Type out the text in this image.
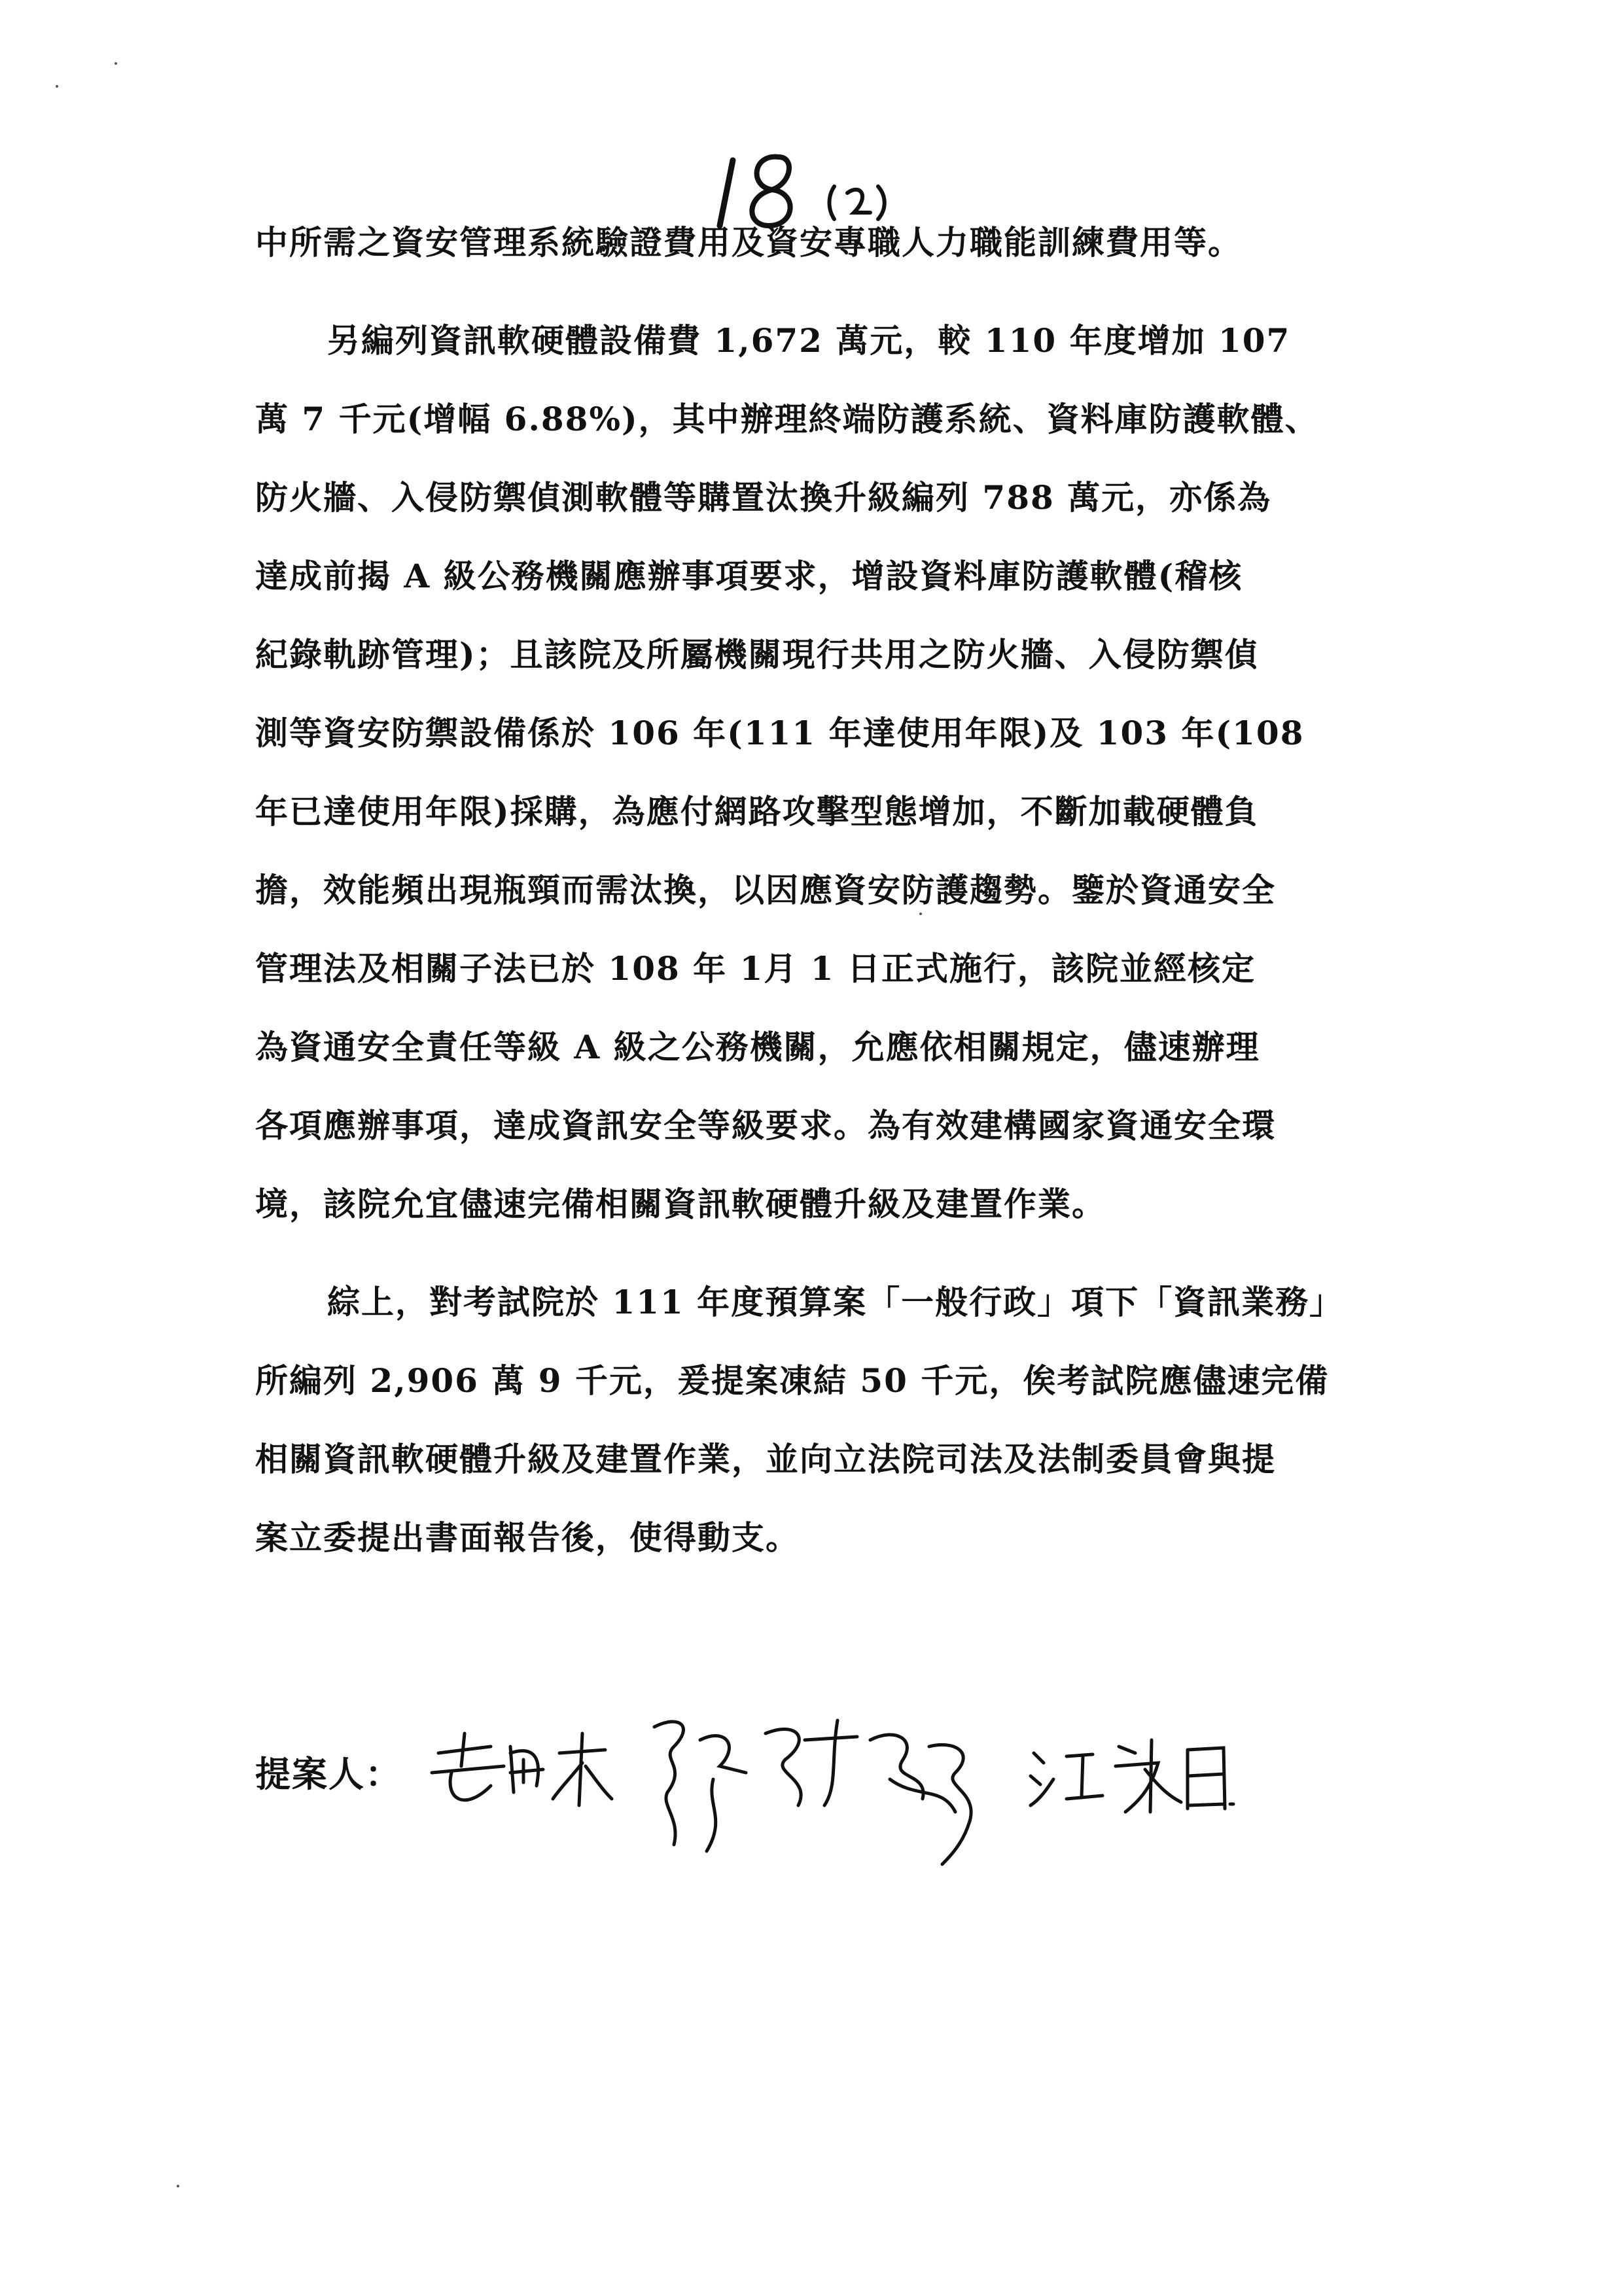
中所需之資安管理系統驗證費用及資安專職人力職能訓練費用等。
另編列資訊軟硬體設備費 1,672 萬元，較 110 年度增加 107
萬 7 千元(增幅 6.88%)，其中辦理終端防護系統、資料庫防護軟體、
防火牆、入侵防禦偵測軟體等購置汰換升級編列 788 萬元，亦係為
達成前揭 A 級公務機關應辦事項要求，增設資料庫防護軟體(稽核
紀錄軌跡管理)；且該院及所屬機關現行共用之防火牆、入侵防禦偵
測等資安防禦設備係於 106 年(111 年達使用年限)及 103 年(108
年已達使用年限)採購，為應付網路攻擊型態增加，不斷加載硬體負
擔，效能頻出現瓶頸而需汰換，以因應資安防護趨勢。鑒於資通安全
管理法及相關子法已於 108 年 1月 1 日正式施行，該院並經核定
為資通安全責任等級 A 級之公務機關，允應依相關規定，儘速辦理
各項應辦事項，達成資訊安全等級要求。為有效建構國家資通安全環
境，該院允宜儘速完備相關資訊軟硬體升級及建置作業。
綜上，對考試院於 111 年度預算案「一般行政」項下「資訊業務」
所編列 2,906 萬 9 千元，爰提案凍結 50 千元，俟考試院應儘速完備
相關資訊軟硬體升級及建置作業，並向立法院司法及法制委員會與提
案立委提出書面報告後，使得動支。
提案人：
